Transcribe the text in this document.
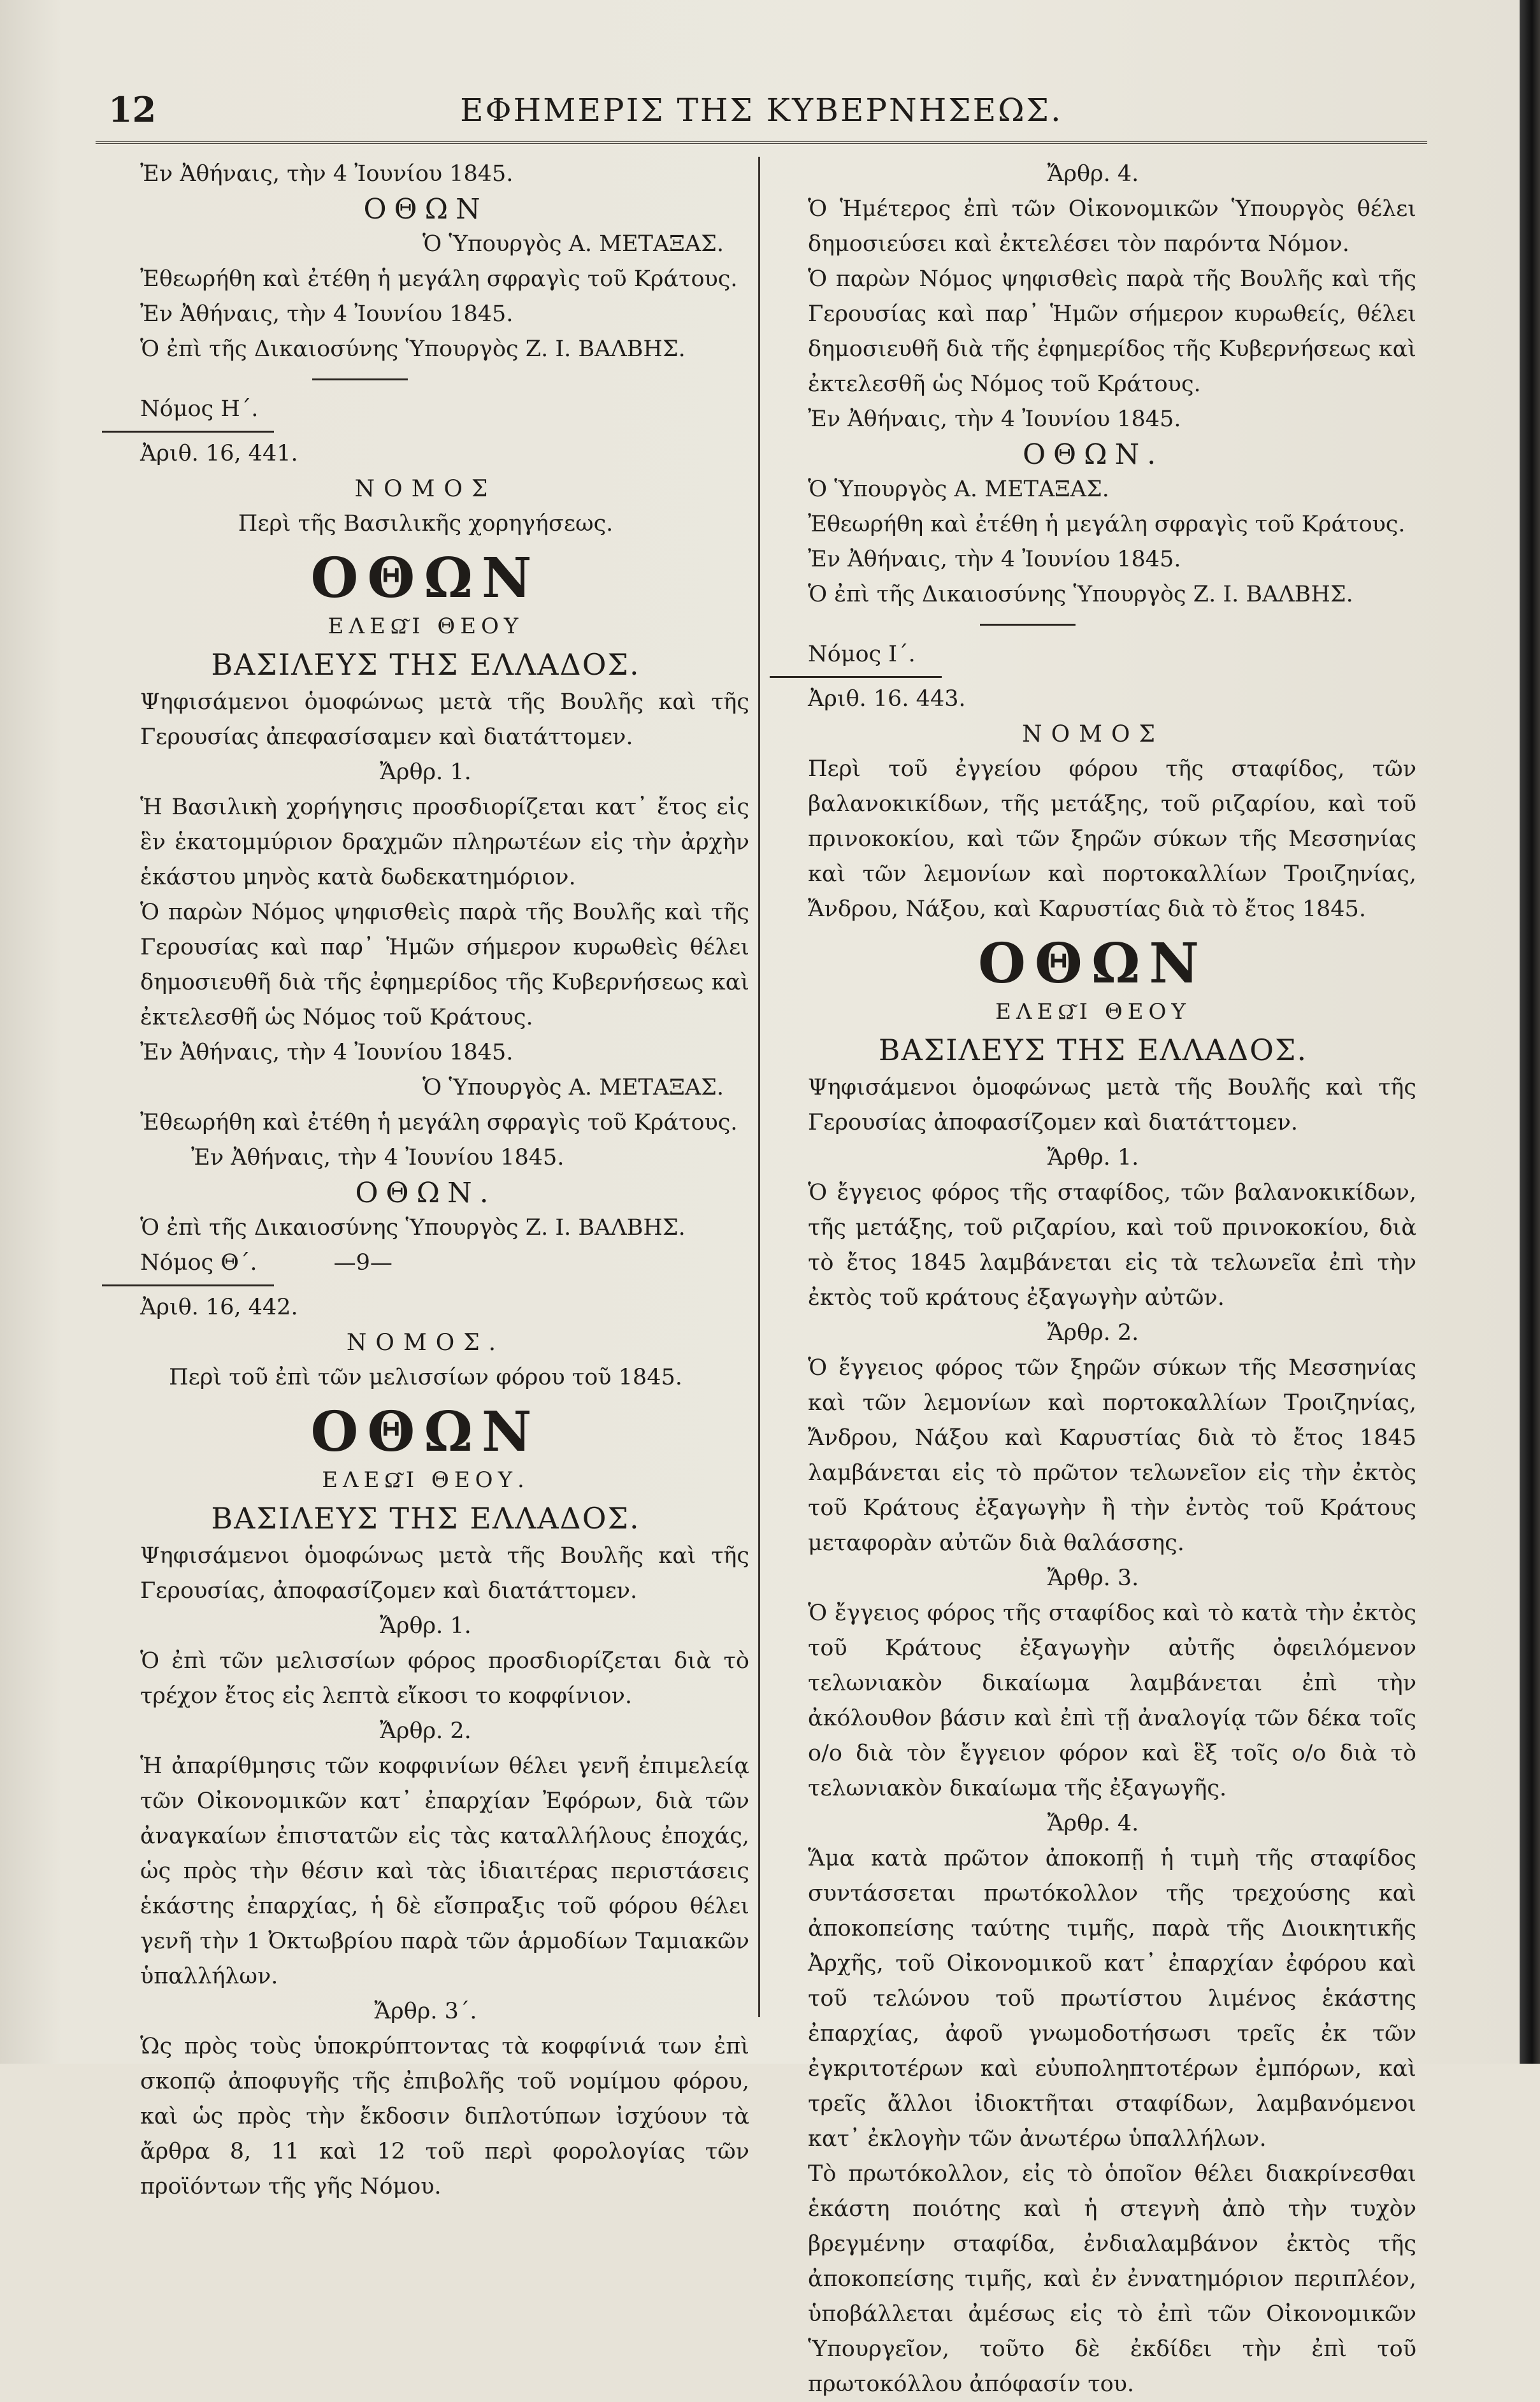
12	ΕΦΗΜΕΡΙΣ ΤΗΣ ΚΥΒΕΡΝΗΣΕΩΣ.

Ἐν Ἀθήναις, τὴν 4 Ἰουνίου 1845.

ΟΘΩΝ

Ὁ Ὑπουργὸς Α. ΜΕΤΑΞΑΣ.

Ἐθεωρήθη καὶ ἐτέθη ἡ μεγάλη σφραγὶς τοῦ Κράτους.

Ἐν Ἀθήναις, τὴν 4 Ἰουνίου 1845.

Ὁ ἐπὶ τῆς Δικαιοσύνης Ὑπουργὸς Ζ. Ι. ΒΑΛΒΗΣ.

Νόμος Η΄.

Ἀριθ. 16, 441.

ΝΟΜΟΣ

Περὶ τῆς Βασιλικῆς χορηγήσεως.

ΟΘΩΝ

ΕΛΕΩ͂Ι ΘΕΟΥ

ΒΑΣΙΛΕΥΣ ΤΗΣ ΕΛΛΑΔΟΣ.

Ψηφισάμενοι ὁμοφώνως μετὰ τῆς Βουλῆς καὶ τῆς Γερουσίας ἀπεφασίσαμεν καὶ διατάττομεν.

Ἄρθρ. 1.

Ἡ Βασιλικὴ χορήγησις προσδιορίζεται κατ᾿ ἔτος εἰς ἓν ἑκατομμύριον δραχμῶν πληρωτέων εἰς τὴν ἀρχὴν ἑκάστου μηνὸς κατὰ δωδεκατημόριον.

Ὁ παρὼν Νόμος ψηφισθεὶς παρὰ τῆς Βουλῆς καὶ τῆς Γερουσίας καὶ παρ᾿ Ἡμῶν σήμερον κυρωθεὶς θέλει δημοσιευθῆ διὰ τῆς ἐφημερίδος τῆς Κυβερνήσεως καὶ ἐκτελεσθῆ ὡς Νόμος τοῦ Κράτους.

Ἐν Ἀθήναις, τὴν 4 Ἰουνίου 1845.

Ὁ Ὑπουργὸς Α. ΜΕΤΑΞΑΣ.

Ἐθεωρήθη καὶ ἐτέθη ἡ μεγάλη σφραγὶς τοῦ Κράτους.

Ἐν Ἀθήναις, τὴν 4 Ἰουνίου 1845.

ΟΘΩΝ.

Ὁ ἐπὶ τῆς Δικαιοσύνης Ὑπουργὸς Ζ. Ι. ΒΑΛΒΗΣ.

Νόμος Θ΄.	—9—

Ἀριθ. 16, 442.

ΝΟΜΟΣ.

Περὶ τοῦ ἐπὶ τῶν μελισσίων φόρου τοῦ 1845.

ΟΘΩΝ

ΕΛΕΩ͂Ι ΘΕΟΥ.

ΒΑΣΙΛΕΥΣ ΤΗΣ ΕΛΛΑΔΟΣ.

Ψηφισάμενοι ὁμοφώνως μετὰ τῆς Βουλῆς καὶ τῆς Γερουσίας, ἀποφασίζομεν καὶ διατάττομεν.

Ἄρθρ. 1.

Ὁ ἐπὶ τῶν μελισσίων φόρος προσδιορίζεται διὰ τὸ τρέχον ἔτος εἰς λεπτὰ εἴκοσι το κοφφίνιον.

Ἄρθρ. 2.

Ἡ ἀπαρίθμησις τῶν κοφφινίων θέλει γενῆ ἐπιμελείᾳ τῶν Οἰκονομικῶν κατ᾿ ἐπαρχίαν Ἐφόρων, διὰ τῶν ἀναγκαίων ἐπιστατῶν εἰς τὰς καταλλήλους ἐποχάς, ὡς πρὸς τὴν θέσιν καὶ τὰς ἰδιαιτέρας περιστάσεις ἑκάστης ἐπαρχίας, ἡ δὲ εἴσπραξις τοῦ φόρου θέλει γενῆ τὴν 1 Ὀκτωβρίου παρὰ τῶν ἁρμοδίων Ταμιακῶν ὑπαλλήλων.

Ἄρθρ. 3΄.

Ὡς πρὸς τοὺς ὑποκρύπτοντας τὰ κοφφίνιά των ἐπὶ σκοπῷ ἀποφυγῆς τῆς ἐπιβολῆς τοῦ νομίμου φόρου, καὶ ὡς πρὸς τὴν ἔκδοσιν διπλοτύπων ἰσχύουν τὰ ἄρθρα 8, 11 καὶ 12 τοῦ περὶ φορολογίας τῶν προϊόντων τῆς γῆς Νόμου.

Ἄρθρ. 4.

Ὁ Ἡμέτερος ἐπὶ τῶν Οἰκονομικῶν Ὑπουργὸς θέλει δημοσιεύσει καὶ ἐκτελέσει τὸν παρόντα Νόμον.

Ὁ παρὼν Νόμος ψηφισθεὶς παρὰ τῆς Βουλῆς καὶ τῆς Γερουσίας καὶ παρ᾿ Ἡμῶν σήμερον κυρωθείς, θέλει δημοσιευθῆ διὰ τῆς ἐφημερίδος τῆς Κυβερνήσεως καὶ ἐκτελεσθῆ ὡς Νόμος τοῦ Κράτους.

Ἐν Ἀθήναις, τὴν 4 Ἰουνίου 1845.

ΟΘΩΝ.

Ὁ Ὑπουργὸς Α. ΜΕΤΑΞΑΣ.

Ἐθεωρήθη καὶ ἐτέθη ἡ μεγάλη σφραγὶς τοῦ Κράτους.

Ἐν Ἀθήναις, τὴν 4 Ἰουνίου 1845.

Ὁ ἐπὶ τῆς Δικαιοσύνης Ὑπουργὸς Ζ. Ι. ΒΑΛΒΗΣ.

Νόμος Ι΄.

Ἀριθ. 16. 443.

ΝΟΜΟΣ

Περὶ τοῦ ἐγγείου φόρου τῆς σταφίδος, τῶν βαλανοκικίδων, τῆς μετάξης, τοῦ ριζαρίου, καὶ τοῦ πρινοκοκίου, καὶ τῶν ξηρῶν σύκων τῆς Μεσσηνίας καὶ τῶν λεμονίων καὶ πορτοκαλλίων Τροιζηνίας, Ἄνδρου, Νάξου, καὶ Καρυστίας διὰ τὸ ἔτος 1845.

ΟΘΩΝ

ΕΛΕΩ͂Ι ΘΕΟΥ

ΒΑΣΙΛΕΥΣ ΤΗΣ ΕΛΛΑΔΟΣ.

Ψηφισάμενοι ὁμοφώνως μετὰ τῆς Βουλῆς καὶ τῆς Γερουσίας ἀποφασίζομεν καὶ διατάττομεν.

Ἄρθρ. 1.

Ὁ ἔγγειος φόρος τῆς σταφίδος, τῶν βαλανοκικίδων, τῆς μετάξης, τοῦ ριζαρίου, καὶ τοῦ πρινοκοκίου, διὰ τὸ ἔτος 1845 λαμβάνεται εἰς τὰ τελωνεῖα ἐπὶ τὴν ἐκτὸς τοῦ κράτους ἐξαγωγὴν αὐτῶν.

Ἄρθρ. 2.

Ὁ ἔγγειος φόρος τῶν ξηρῶν σύκων τῆς Μεσσηνίας καὶ τῶν λεμονίων καὶ πορτοκαλλίων Τροιζηνίας, Ἄνδρου, Νάξου καὶ Καρυστίας διὰ τὸ ἔτος 1845 λαμβάνεται εἰς τὸ πρῶτον τελωνεῖον εἰς τὴν ἐκτὸς τοῦ Κράτους ἐξαγωγὴν ἢ τὴν ἐντὸς τοῦ Κράτους μεταφορὰν αὐτῶν διὰ θαλάσσης.

Ἄρθρ. 3.

Ὁ ἔγγειος φόρος τῆς σταφίδος καὶ τὸ κατὰ τὴν ἐκτὸς τοῦ Κράτους ἐξαγωγὴν αὐτῆς ὀφειλόμενον τελωνιακὸν δικαίωμα λαμβάνεται ἐπὶ τὴν ἀκόλουθον βάσιν καὶ ἐπὶ τῇ ἀναλογίᾳ τῶν δέκα τοῖς ο/ο διὰ τὸν ἔγγειον φόρον καὶ ἓξ τοῖς ο/ο διὰ τὸ τελωνιακὸν δικαίωμα τῆς ἐξαγωγῆς.

Ἄρθρ. 4.

Ἅμα κατὰ πρῶτον ἀποκοπῇ ἡ τιμὴ τῆς σταφίδος συντάσσεται πρωτόκολλον τῆς τρεχούσης καὶ ἀποκοπείσης ταύτης τιμῆς, παρὰ τῆς Διοικητικῆς Ἀρχῆς, τοῦ Οἰκονομικοῦ κατ᾿ ἐπαρχίαν ἐφόρου καὶ τοῦ τελώνου τοῦ πρωτίστου λιμένος ἑκάστης ἐπαρχίας, ἀφοῦ γνωμοδοτήσωσι τρεῖς ἐκ τῶν ἐγκριτοτέρων καὶ εὐυποληπτοτέρων ἐμπόρων, καὶ τρεῖς ἄλλοι ἰδιοκτῆται σταφίδων, λαμβανόμενοι κατ᾿ ἐκλογὴν τῶν ἀνωτέρω ὑπαλλήλων.

Τὸ πρωτόκολλον, εἰς τὸ ὁποῖον θέλει διακρίνεσθαι ἑκάστη ποιότης καὶ ἡ στεγνὴ ἀπὸ τὴν τυχὸν βρεγμένην σταφίδα, ἐνδιαλαμβάνον ἐκτὸς τῆς ἀποκοπείσης τιμῆς, καὶ ἐν ἐννατημόριον περιπλέον, ὑποβάλλεται ἀμέσως εἰς τὸ ἐπὶ τῶν Οἰκονομικῶν Ὑπουργεῖον, τοῦτο δὲ ἐκδίδει τὴν ἐπὶ τοῦ πρωτοκόλλου ἀπόφασίν του.
